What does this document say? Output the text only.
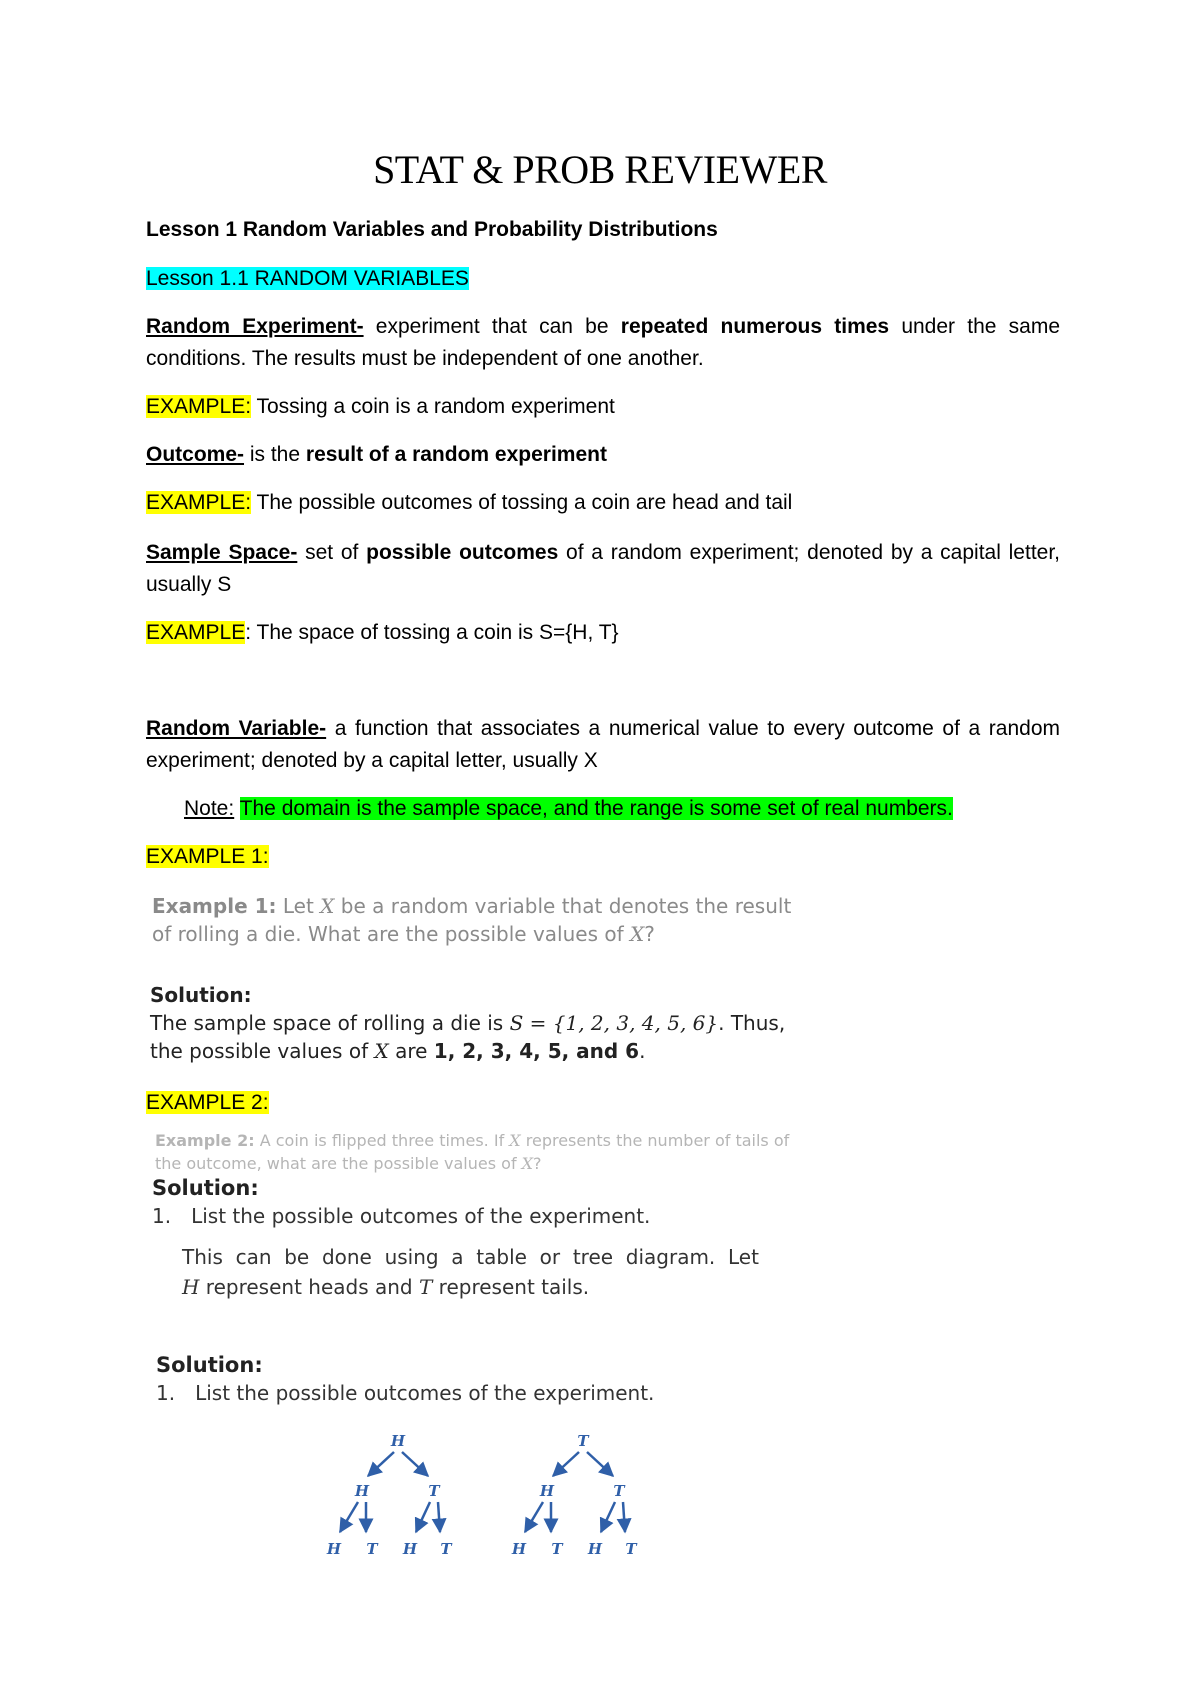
STAT & PROB REVIEWER

Lesson 1 Random Variables and Probability Distributions

Lesson 1.1 RANDOM VARIABLES

Random Experiment- experiment that can be repeated numerous times under the same conditions. The results must be independent of one another.

EXAMPLE: Tossing a coin is a random experiment

Outcome- is the result of a random experiment

EXAMPLE: The possible outcomes of tossing a coin are head and tail

Sample Space- set of possible outcomes of a random experiment; denoted by a capital letter, usually S

EXAMPLE: The space of tossing a coin is S={H, T}

Random Variable- a function that associates a numerical value to every outcome of a random experiment; denoted by a capital letter, usually X

Note: The domain is the sample space, and the range is some set of real numbers.

EXAMPLE 1:

Example 1: Let X be a random variable that denotes the result
of rolling a die. What are the possible values of X?
Solution:
The sample space of rolling a die is S = {1, 2, 3, 4, 5, 6}. Thus,
the possible values of X are 1, 2, 3, 4, 5, and 6.

EXAMPLE 2:

Example 2: A coin is flipped three times. If X represents the number of tails of
the outcome, what are the possible values of X?
Solution:
1. List the possible outcomes of the experiment.
This  can  be  done  using  a  table  or  tree  diagram.  Let
H represent heads and T represent tails.
Solution:
1. List the possible outcomes of the experiment.
H
H	T
H T H T
T
H	T
H T H T
